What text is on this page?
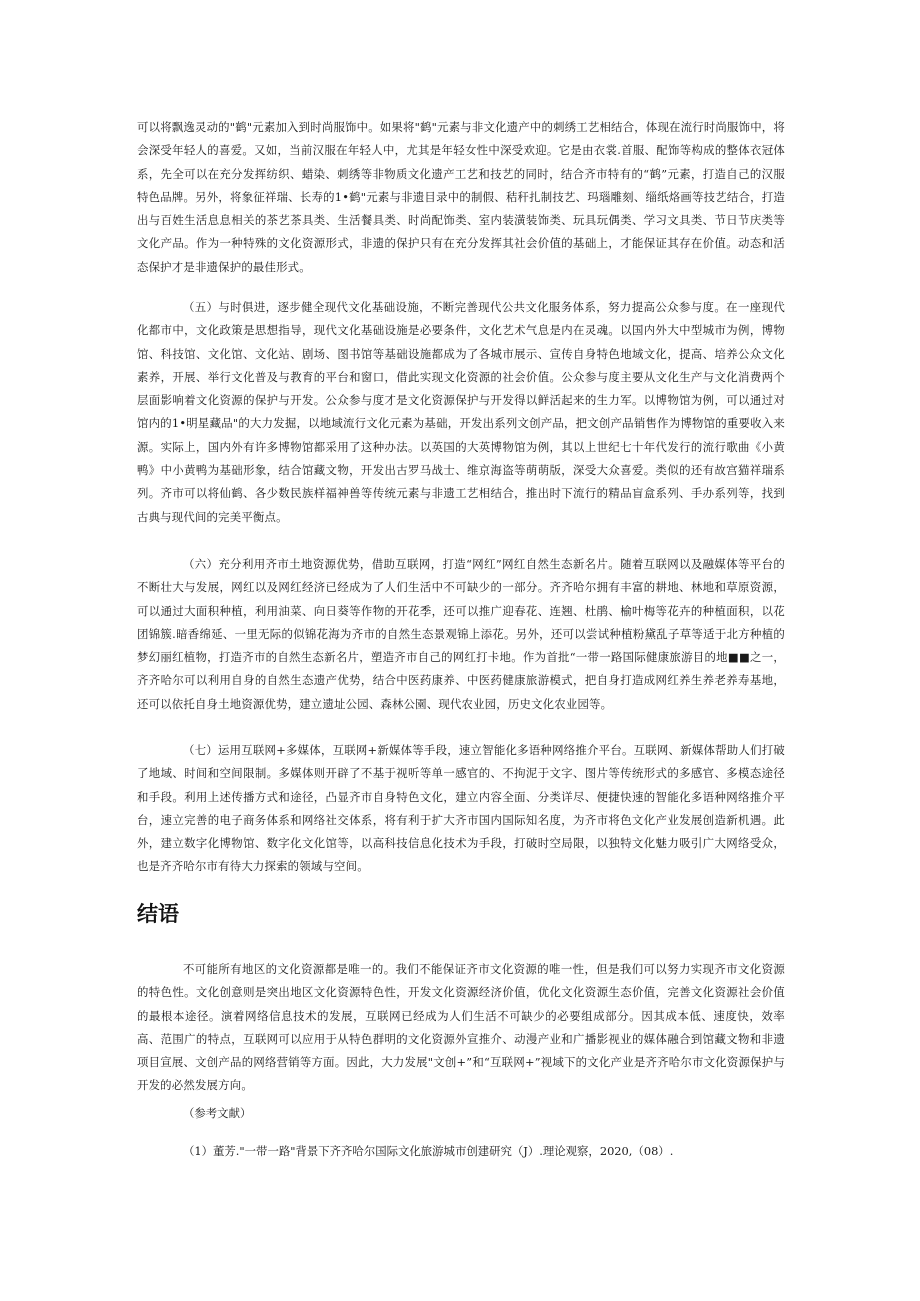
可以将飘逸灵动的"鹤"元素加入到时尚服饰中。如果将"鹤"元素与非文化遗产中的刺绣工艺相结合，体现在流行时尚服饰中，将会深受年轻人的喜爱。又如，当前汉服在年轻人中，尤其是年轻女性中深受欢迎。它是由衣裳.首服、配饰等构成的整体衣冠体系，先全可以在充分发挥纺织、蜡染、刺绣等非物质文化遗产工艺和技艺的同时，结合齐市特有的“鹤”元素，打造自己的汉服特色品牌。另外，将象征祥瑞、长寿的1•鹤"元素与非遗目录中的制假、秸秆扎制技艺、玛瑙雕刻、缁纸烙画等技艺结合，打造出与百姓生活息息相关的茶艺茶具类、生活餐具类、时尚配饰类、室内装潢装饰类、玩具玩偶类、学习文具类、节日节庆类等文化产品。作为一种特殊的文化资源形式，非遗的保护只有在充分发挥其社会价值的基础上，才能保证其存在价值。动态和活态保护才是非遗保护的最佳形式。

（五）与时俱进，逐步健全现代文化基础设施，不断完善现代公共文化服务体系，努力提高公众参与度。在一座现代化都市中，文化政策是思想指导，现代文化基础设施是必要条件，文化艺术气息是内在灵魂。以国内外大中型城市为例，博物馆、科技馆、文化馆、文化站、剧场、图书馆等基础设施都成为了各城市展示、宣传自身特色地域文化，提高、培养公众文化素养，开展、举行文化普及与教育的平台和窗口，借此实现文化资源的社会价值。公众参与度主要从文化生产与文化消费两个层面影响着文化资源的保护与开发。公众参与度才是文化资源保护与开发得以鲜活起来的生力军。以博物馆为例，可以通过对馆内的1•明星藏品"的大力发掘，以地域流行文化元素为基础，开发出系列文创产品，把文创产品销售作为博物馆的重要收入来源。实际上，国内外有许多博物馆都采用了这种办法。以英国的大英博物馆为例，其以上世纪七十年代发行的流行歌曲《小黄鸭》中小黄鸭为基础形象，结合馆藏文物，开发出古罗马战士、维京海盗等萌萌版，深受大众喜爱。类似的还有故宫猫祥瑞系列。齐市可以将仙鹤、各少数民族样福神兽等传统元素与非遗工艺相结合，推出时下流行的精品盲盒系列、手办系列等，找到古典与现代间的完美平衡点。

（六）充分利用齐市土地资源优势，借助互联网，打造“网红”网红自然生态新名片。随着互联网以及融媒体等平台的不断壮大与发展，网红以及网红经济已经成为了人们生活中不可缺少的一部分。齐齐哈尔拥有丰富的耕地、林地和草原资源，可以通过大面积种植，利用油菜、向日葵等作物的开花季，还可以推广迎春花、连翘、杜鹃、榆叶梅等花卉的种植面积，以花团锦簇.暗香绵延、一里无际的似锦花海为齐市的自然生态景观锦上添花。另外，还可以尝试种植粉黛乱子草等适于北方种植的梦幻丽红植物，打造齐市的自然生态新名片，塑造齐市自己的网红打卡地。作为首批“一带一路国际健康旅游目的地■■之一，齐齐哈尔可以利用自身的自然生态遗产优势，结合中医药康养、中医药健康旅游模式，把自身打造成网红养生养老养寿基地，还可以依托自身土地资源优势，建立遗址公园、森林公園、现代农业园，历史文化农业园等。

（七）运用互联网+多媒体，互联网+新媒体等手段，速立智能化多语种网络推介平台。互联网、新媒体帮助人们打破了地域、时间和空间限制。多媒体则开辟了不基于视听等单一感官的、不拘泥于文字、图片等传统形式的多感官、多模态途径和手段。利用上述传播方式和途径，凸显齐市自身特色文化，建立内容全面、分类详尽、便捷快速的智能化多语种网络推介平台，速立完善的电子商务体系和网络社交体系，将有利于扩大齐市国内国际知名度，为齐市将色文化产业发展创造新机遇。此外，建立数字化博物馆、数字化文化馆等，以高科技信息化技术为手段，打破时空局限，以独特文化魅力吸引广大网络受众，也是齐齐哈尔市有待大力探索的领域与空间。

结语

不可能所有地区的文化资源都是唯一的。我们不能保证齐市文化资源的唯一性，但是我们可以努力实现齐市文化资源的特色性。文化创意则是突出地区文化资源特色性，开发文化资源经济价值，优化文化资源生态价值，完善文化资源社会价值的最根本途径。演着网络信息技术的发展，互联网已经成为人们生活不可缺少的必要组成部分。因其成本低、速度快，效率高、范围广的特点，互联网可以应用于从特色群明的文化资源外宣推介、动漫产业和广播影视业的媒体融合到馆藏文物和非遗项目宣展、文创产品的网络营销等方面。因此，大力发展"文创+”和“互联网+”视域下的文化产业是齐齐哈尔市文化资源保护与开发的必然发展方向。

（参考文献）

（1）董芳."一带一路"背景下齐齐哈尔国际文化旅游城市创建研究（J）.理论观察，2020,（08）.
